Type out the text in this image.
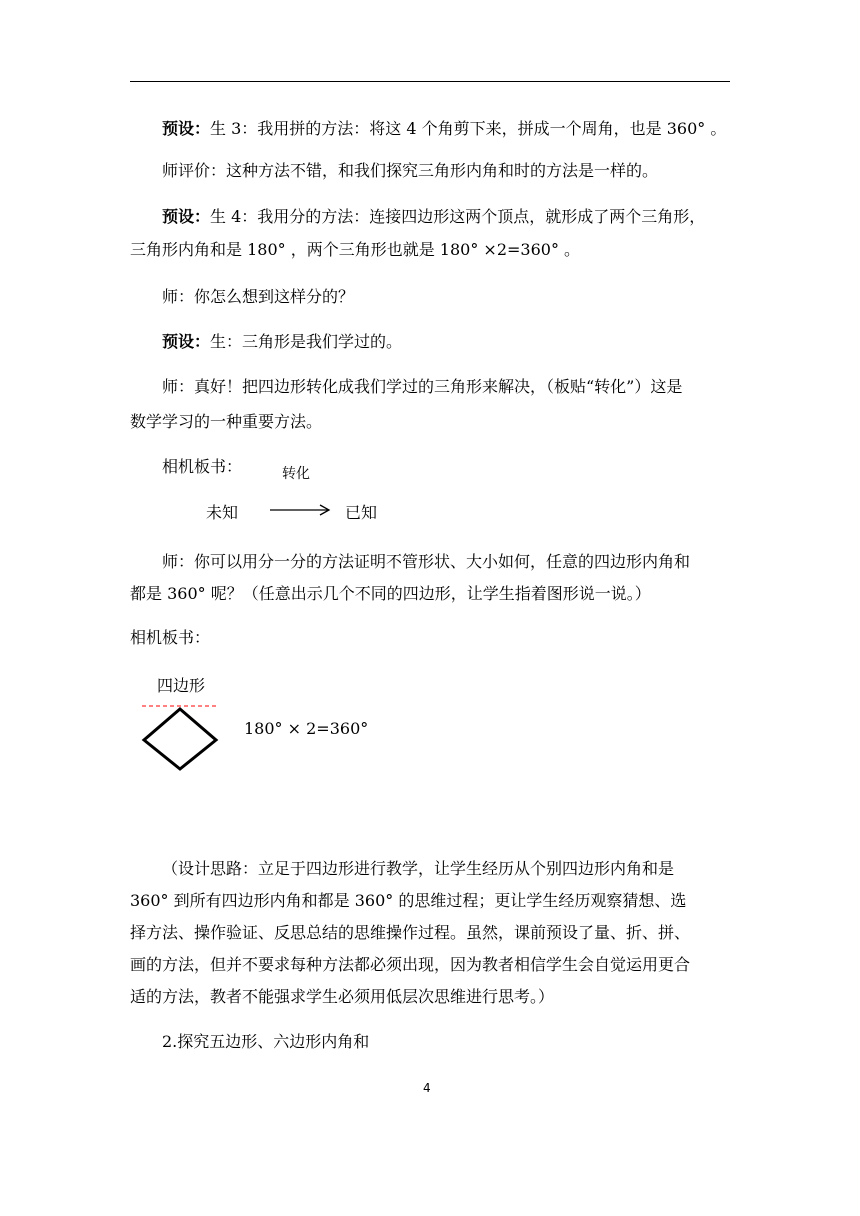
预设：生 3：我用拼的方法：将这 4 个角剪下来，拼成一个周角，也是 360° 。

师评价：这种方法不错，和我们探究三角形内角和时的方法是一样的。

预设：生 4：我用分的方法：连接四边形这两个顶点，就形成了两个三角形，

三角形内角和是 180° ，两个三角形也就是 180° ×2=360° 。

师：你怎么想到这样分的？

预设：生：三角形是我们学过的。

师：真好！把四边形转化成我们学过的三角形来解决，（板贴“转化”）这是

数学学习的一种重要方法。

相机板书：	转化
未知	已知

师：你可以用分一分的方法证明不管形状、大小如何，任意的四边形内角和

都是 360° 呢？（任意出示几个不同的四边形，让学生指着图形说一说。）

相机板书：
四边形
180° × 2=360°

（设计思路：立足于四边形进行教学，让学生经历从个别四边形内角和是

360° 到所有四边形内角和都是 360° 的思维过程；更让学生经历观察猜想、选

择方法、操作验证、反思总结的思维操作过程。虽然，课前预设了量、折、拼、

画的方法，但并不要求每种方法都必须出现，因为教者相信学生会自觉运用更合

适的方法，教者不能强求学生必须用低层次思维进行思考。）

2.探究五边形、六边形内角和

4
